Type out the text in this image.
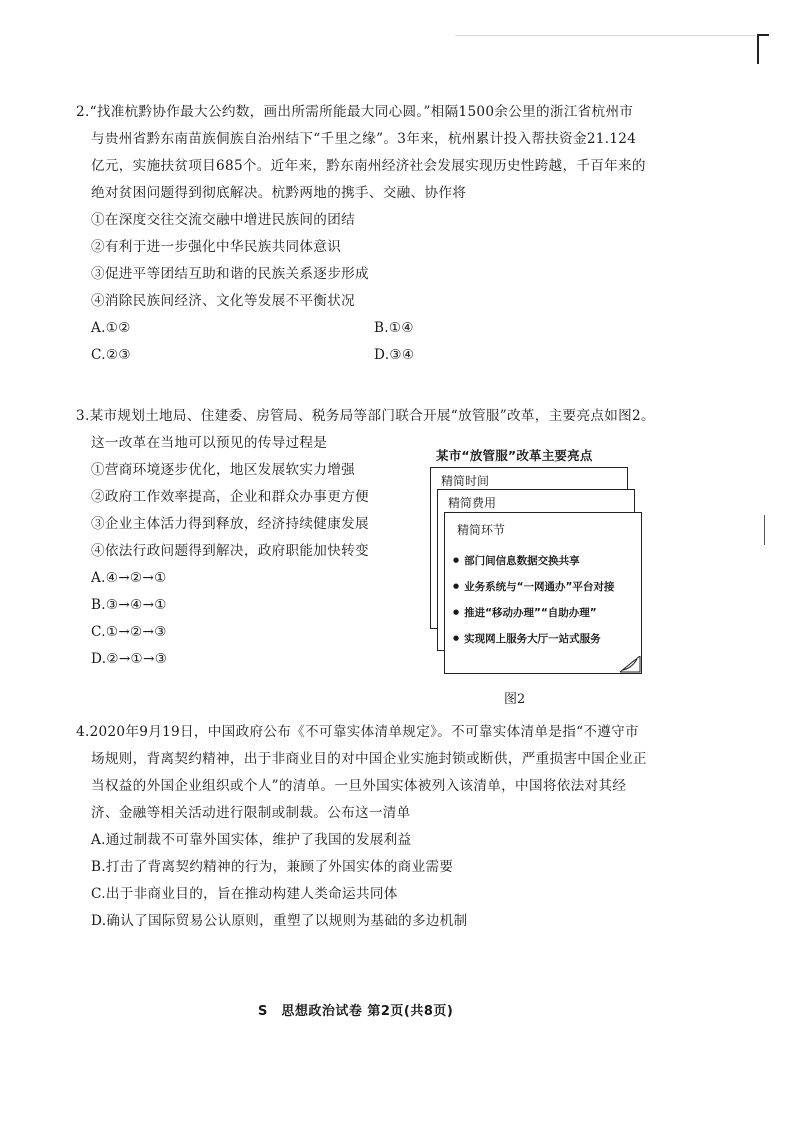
2.“找准杭黔协作最大公约数，画出所需所能最大同心圆。”相隔1500余公里的浙江省杭州市
与贵州省黔东南苗族侗族自治州结下“千里之缘”。3年来，杭州累计投入帮扶资金21.124
亿元，实施扶贫项目685个。近年来，黔东南州经济社会发展实现历史性跨越，千百年来的
绝对贫困问题得到彻底解决。杭黔两地的携手、交融、协作将
①在深度交往交流交融中增进民族间的团结
②有利于进一步强化中华民族共同体意识
③促进平等团结互助和谐的民族关系逐步形成
④消除民族间经济、文化等发展不平衡状况
A.①②	B.①④
C.②③	D.③④
3.某市规划土地局、住建委、房管局、税务局等部门联合开展“放管服”改革，主要亮点如图2。
这一改革在当地可以预见的传导过程是
①营商环境逐步优化，地区发展软实力增强
②政府工作效率提高，企业和群众办事更方便
③企业主体活力得到释放，经济持续健康发展
④依法行政问题得到解决，政府职能加快转变
A.④→②→①
B.③→④→①
C.①→②→③
D.②→①→③
某市“放管服”改革主要亮点
精简时间
精简费用
精简环节
● 部门间信息数据交换共享
● 业务系统与“一网通办”平台对接
● 推进“移动办理”“自助办理”
● 实现网上服务大厅一站式服务
图2
4.2020年9月19日，中国政府公布《不可靠实体清单规定》。不可靠实体清单是指“不遵守市
场规则，背离契约精神，出于非商业目的对中国企业实施封锁或断供，严重损害中国企业正
当权益的外国企业组织或个人”的清单。一旦外国实体被列入该清单，中国将依法对其经
济、金融等相关活动进行限制或制裁。公布这一清单
A.通过制裁不可靠外国实体，维护了我国的发展利益
B.打击了背离契约精神的行为，兼顾了外国实体的商业需要
C.出于非商业目的，旨在推动构建人类命运共同体
D.确认了国际贸易公认原则，重塑了以规则为基础的多边机制
S　思想政治试卷 第2页(共8页)
